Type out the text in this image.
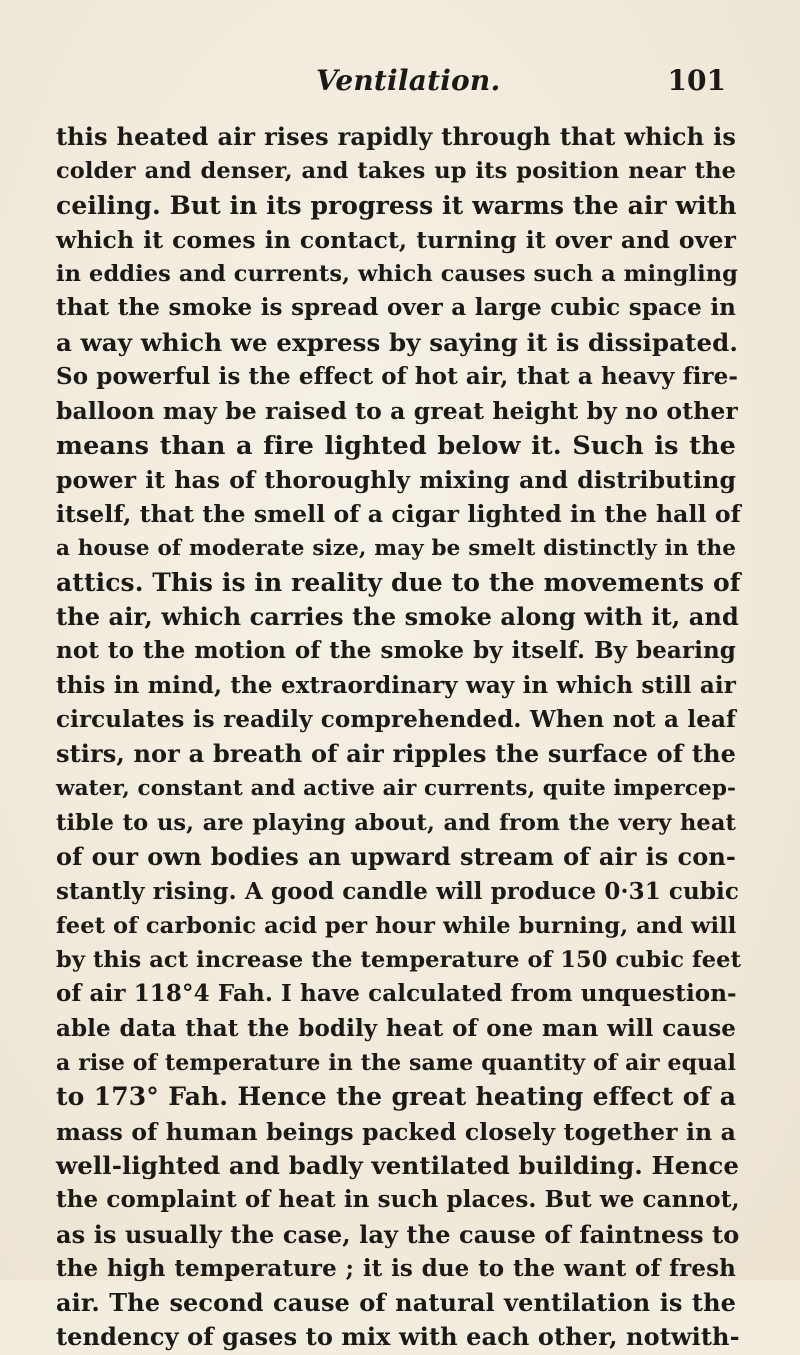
Ventilation.	101
this heated air rises rapidly through that which is
colder and denser, and takes up its position near the
ceiling. But in its progress it warms the air with
which it comes in contact, turning it over and over
in eddies and currents, which causes such a mingling
that the smoke is spread over a large cubic space in
a way which we express by saying it is dissipated.
So powerful is the effect of hot air, that a heavy fire-
balloon may be raised to a great height by no other
means than a fire lighted below it. Such is the
power it has of thoroughly mixing and distributing
itself, that the smell of a cigar lighted in the hall of
a house of moderate size, may be smelt distinctly in the
attics. This is in reality due to the movements of
the air, which carries the smoke along with it, and
not to the motion of the smoke by itself. By bearing
this in mind, the extraordinary way in which still air
circulates is readily comprehended. When not a leaf
stirs, nor a breath of air ripples the surface of the
water, constant and active air currents, quite impercep-
tible to us, are playing about, and from the very heat
of our own bodies an upward stream of air is con-
stantly rising. A good candle will produce 0·31 cubic
feet of carbonic acid per hour while burning, and will
by this act increase the temperature of 150 cubic feet
of air 118°4 Fah. I have calculated from unquestion-
able data that the bodily heat of one man will cause
a rise of temperature in the same quantity of air equal
to 173° Fah. Hence the great heating effect of a
mass of human beings packed closely together in a
well-lighted and badly ventilated building. Hence
the complaint of heat in such places. But we cannot,
as is usually the case, lay the cause of faintness to
the high temperature ; it is due to the want of fresh
air. The second cause of natural ventilation is the
tendency of gases to mix with each other, notwith-
